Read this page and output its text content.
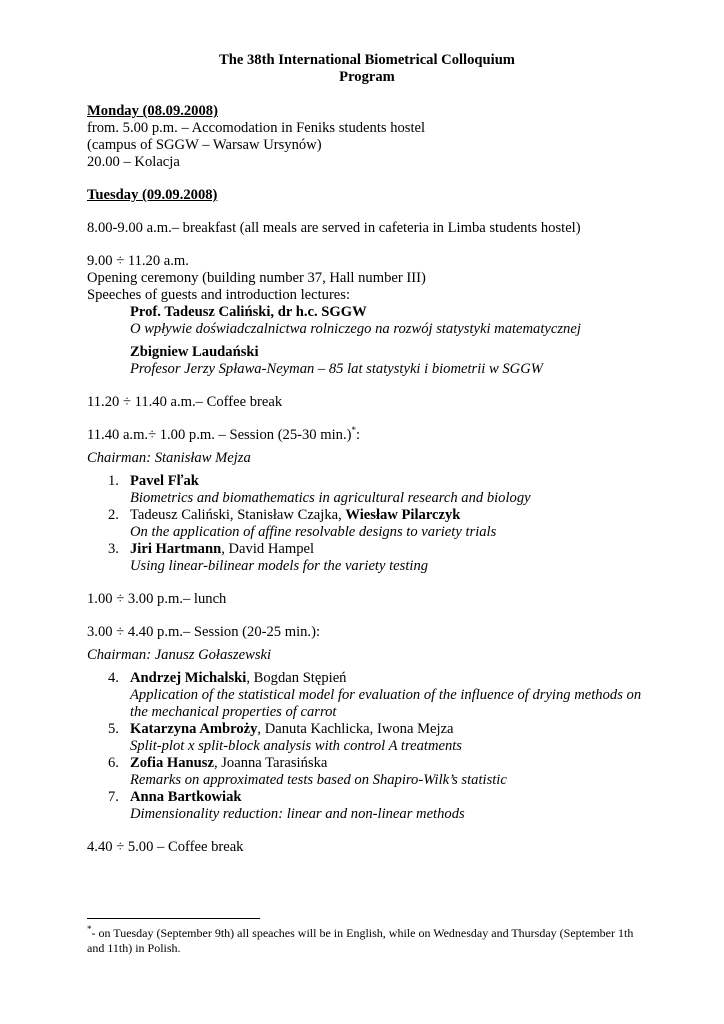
The 38th International Biometrical Colloquium

Program

Monday (08.09.2008)

from. 5.00 p.m. – Accomodation in Feniks students hostel

(campus of SGGW – Warsaw Ursynów)

20.00 – Kolacja

Tuesday (09.09.2008)

8.00-9.00 a.m.– breakfast (all meals are served in cafeteria in Limba students hostel)

9.00 ÷ 11.20 a.m.

Opening ceremony (building number 37, Hall number III)

Speeches of guests and introduction lectures:

Prof. Tadeusz Caliński, dr h.c. SGGW

O wpływie doświadczalnictwa rolniczego na rozwój statystyki matematycznej

Zbigniew Laudański

Profesor Jerzy Spława-Neyman – 85 lat statystyki i biometrii w SGGW

11.20 ÷ 11.40 a.m.– Coffee break

11.40 a.m.÷ 1.00 p.m. – Session (25-30 min.)*:

Chairman: Stanisław Mejza

1. Pavel Fľak

Biometrics and biomathematics in agricultural research and biology

2. Tadeusz Caliński, Stanisław Czajka, Wiesław Pilarczyk

On the application of affine resolvable designs to variety trials

3. Jiri Hartmann, David Hampel

Using linear-bilinear models for the variety testing

1.00 ÷ 3.00 p.m.– lunch

3.00 ÷ 4.40 p.m.– Session (20-25 min.):

Chairman: Janusz Gołaszewski

4. Andrzej Michalski, Bogdan Stępień

Application of the statistical model for evaluation of the influence of drying methods on the mechanical properties of carrot

5. Katarzyna Ambroży, Danuta Kachlicka, Iwona Mejza

Split-plot x split-block analysis with control A treatments

6. Zofia Hanusz, Joanna Tarasińska

Remarks on approximated tests based on Shapiro-Wilk’s statistic

7. Anna Bartkowiak

Dimensionality reduction: linear and non-linear methods

4.40 ÷ 5.00 – Coffee break

*- on Tuesday (September 9th) all speaches will be in English, while on Wednesday and Thursday (September 1th and 11th) in Polish.
